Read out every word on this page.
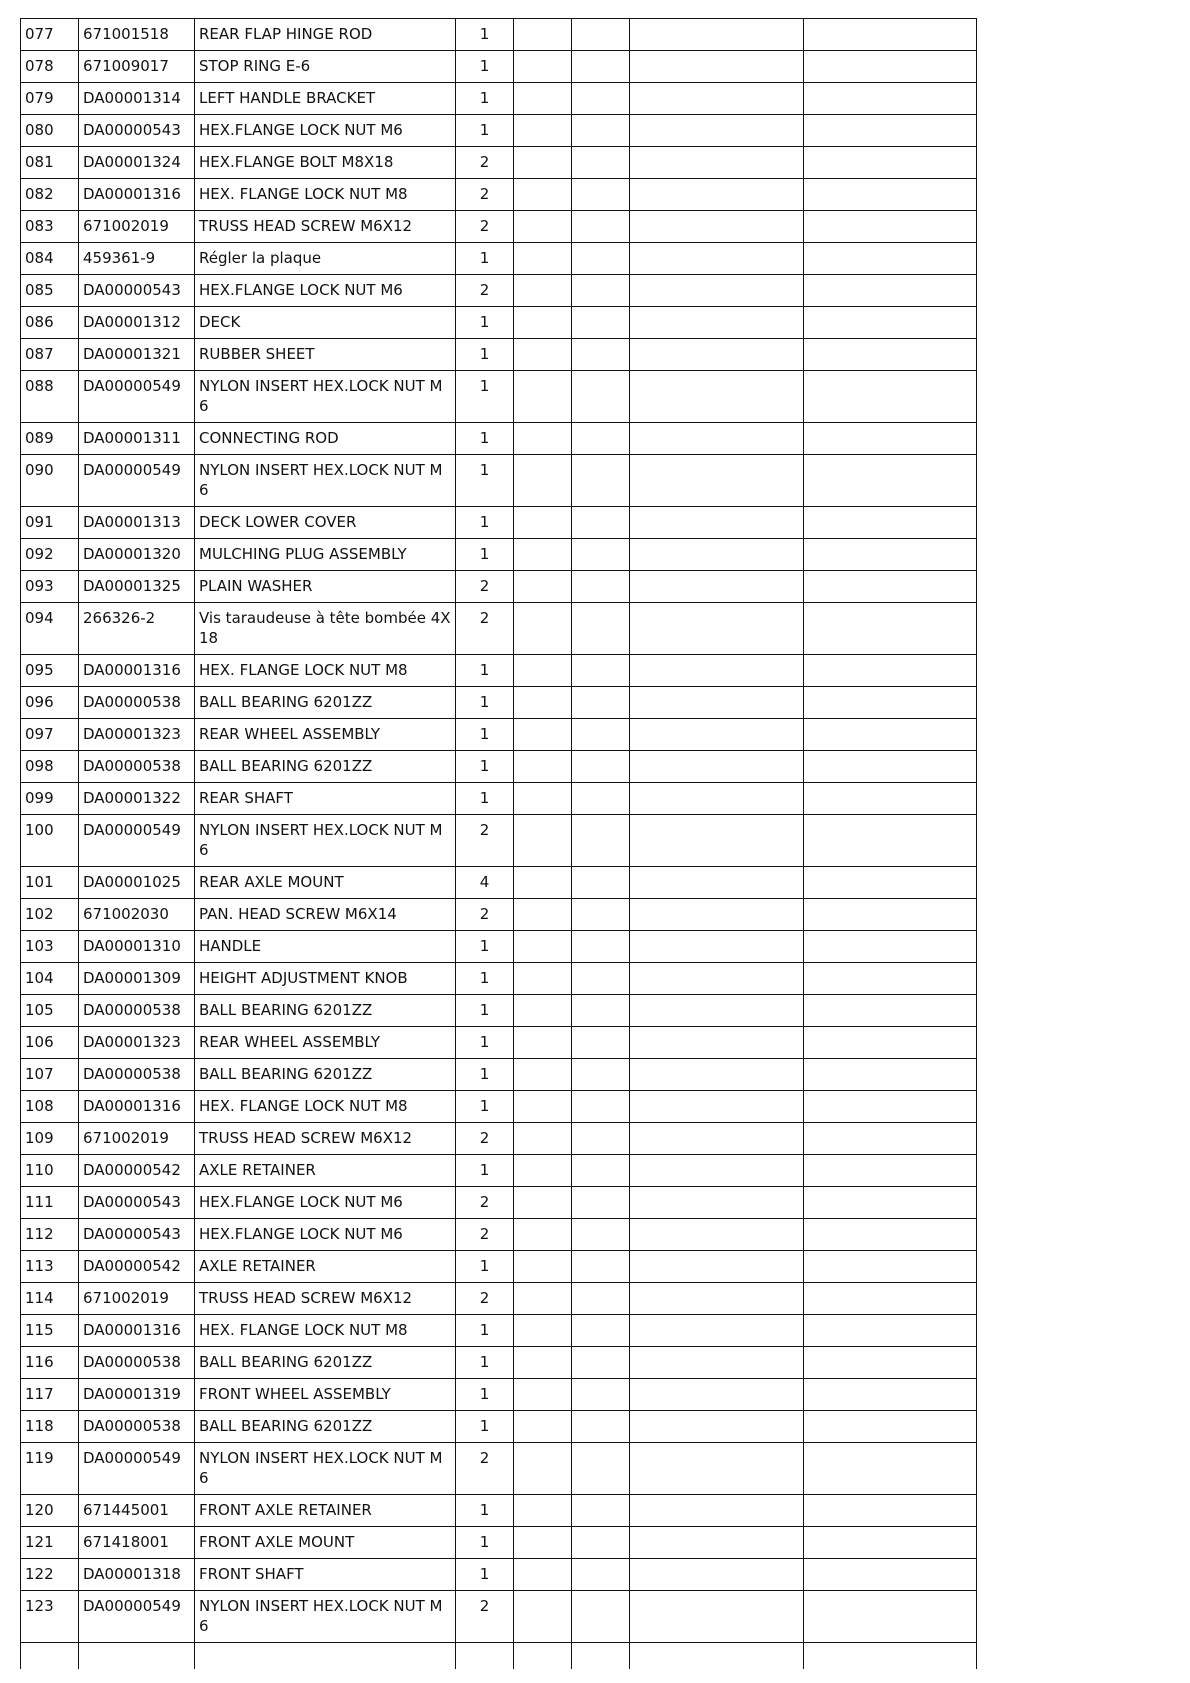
077	671001518	REAR FLAP HINGE ROD	1				

078	671009017	STOP RING E-6	1				

079	DA00001314	LEFT HANDLE BRACKET	1				

080	DA00000543	HEX.FLANGE LOCK NUT M6	1				

081	DA00001324	HEX.FLANGE BOLT M8X18	2				

082	DA00001316	HEX. FLANGE LOCK NUT M8	2				

083	671002019	TRUSS HEAD SCREW M6X12	2				

084	459361-9	Régler la plaque	1				

085	DA00000543	HEX.FLANGE LOCK NUT M6	2				

086	DA00001312	DECK	1				

087	DA00001321	RUBBER SHEET	1				

088	DA00000549	NYLON INSERT HEX.LOCK NUT M 6	1				

089	DA00001311	CONNECTING ROD	1				

090	DA00000549	NYLON INSERT HEX.LOCK NUT M 6	1				

091	DA00001313	DECK LOWER COVER	1				

092	DA00001320	MULCHING PLUG ASSEMBLY	1				

093	DA00001325	PLAIN WASHER	2				

094	266326-2	Vis taraudeuse à tête bombée 4X 18	2				

095	DA00001316	HEX. FLANGE LOCK NUT M8	1				

096	DA00000538	BALL BEARING 6201ZZ	1				

097	DA00001323	REAR WHEEL ASSEMBLY	1				

098	DA00000538	BALL BEARING 6201ZZ	1				

099	DA00001322	REAR SHAFT	1				

100	DA00000549	NYLON INSERT HEX.LOCK NUT M 6	2				

101	DA00001025	REAR AXLE MOUNT	4				

102	671002030	PAN. HEAD SCREW M6X14	2				

103	DA00001310	HANDLE	1				

104	DA00001309	HEIGHT ADJUSTMENT KNOB	1				

105	DA00000538	BALL BEARING 6201ZZ	1				

106	DA00001323	REAR WHEEL ASSEMBLY	1				

107	DA00000538	BALL BEARING 6201ZZ	1				

108	DA00001316	HEX. FLANGE LOCK NUT M8	1				

109	671002019	TRUSS HEAD SCREW M6X12	2				

110	DA00000542	AXLE RETAINER	1				

111	DA00000543	HEX.FLANGE LOCK NUT M6	2				

112	DA00000543	HEX.FLANGE LOCK NUT M6	2				

113	DA00000542	AXLE RETAINER	1				

114	671002019	TRUSS HEAD SCREW M6X12	2				

115	DA00001316	HEX. FLANGE LOCK NUT M8	1				

116	DA00000538	BALL BEARING 6201ZZ	1				

117	DA00001319	FRONT WHEEL ASSEMBLY	1				

118	DA00000538	BALL BEARING 6201ZZ	1				

119	DA00000549	NYLON INSERT HEX.LOCK NUT M 6	2				

120	671445001	FRONT AXLE RETAINER	1				

121	671418001	FRONT AXLE MOUNT	1				

122	DA00001318	FRONT SHAFT	1				

123	DA00000549	NYLON INSERT HEX.LOCK NUT M 6	2				
